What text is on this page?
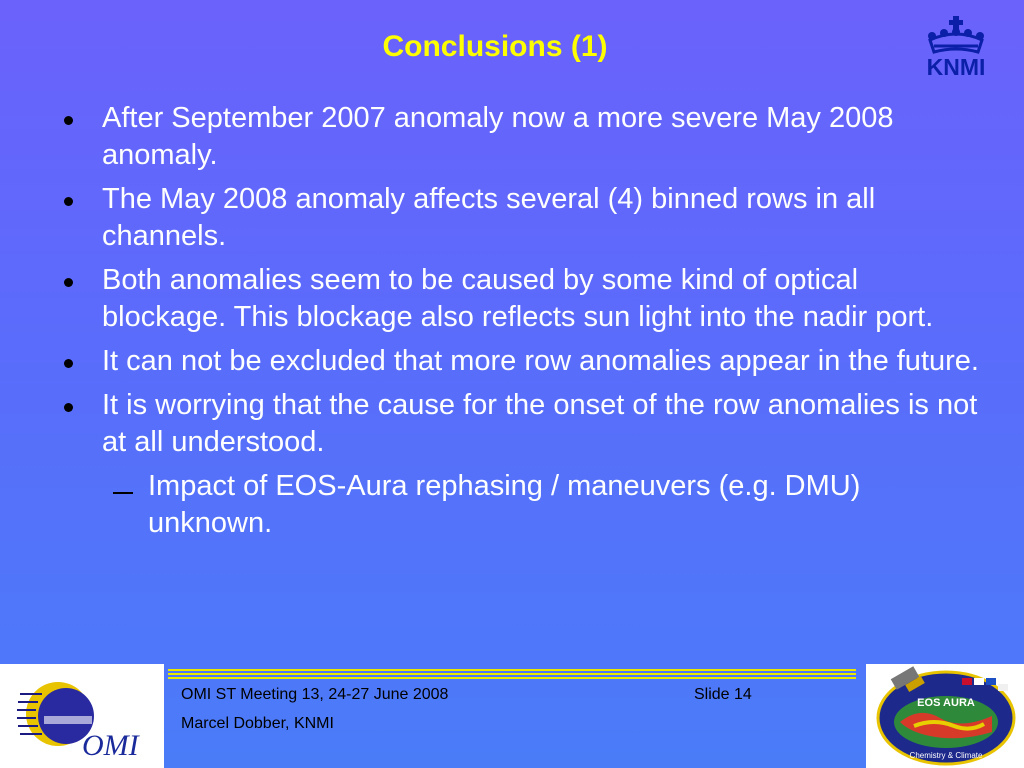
Conclusions (1)
KNMI
After September 2007 anomaly now a more severe May 2008 anomaly.
The May 2008 anomaly affects several (4) binned rows in all channels.
Both anomalies seem to be caused by some kind of optical blockage. This blockage also reflects sun light into the nadir port.
It can not be excluded that more row anomalies appear in the future.
It is worrying that the cause for the onset of the row anomalies is not at all understood.
Impact of EOS-Aura rephasing / maneuvers (e.g. DMU) unknown.
OMI
OMI ST Meeting 13, 24-27 June 2008	Slide 14
Marcel Dobber, KNMI
EOS AURA
Chemistry & Climate
